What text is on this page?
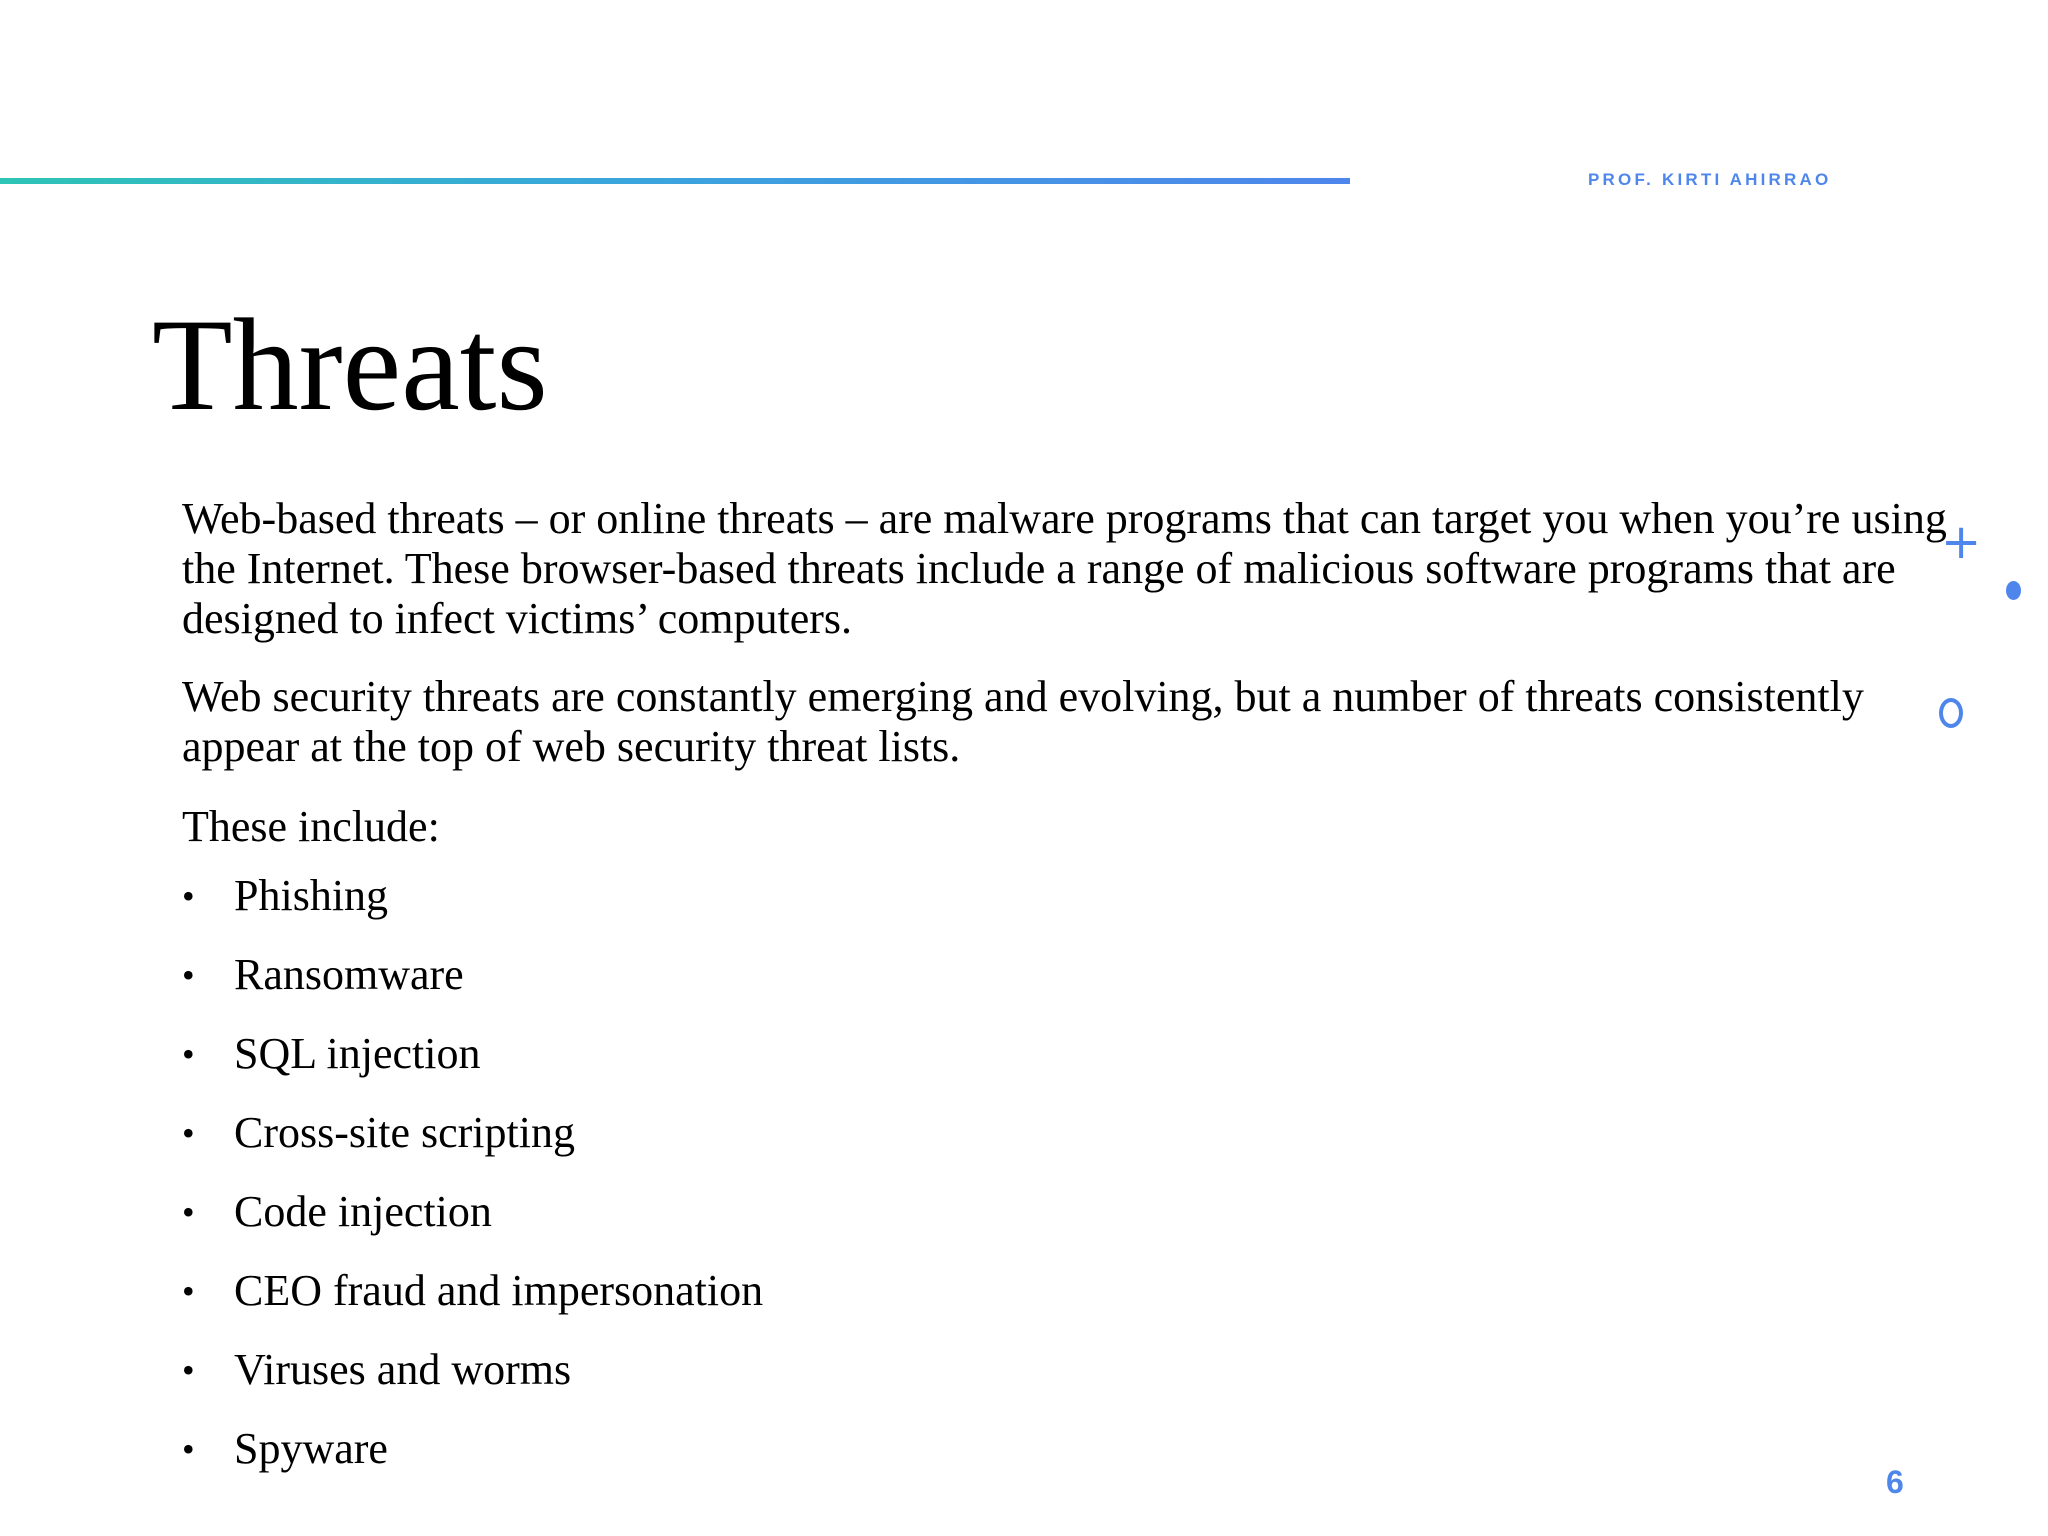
PROF. KIRTI AHIRRAO
Threats

Web-based threats – or online threats – are malware programs that can target you when you’re using the Internet. These browser-based threats include a range of malicious software programs that are designed to infect victims’ computers.

Web security threats are constantly emerging and evolving, but a number of threats consistently appear at the top of web security threat lists.

These include:

• Phishing
• Ransomware
• SQL injection
• Cross-site scripting
• Code injection
• CEO fraud and impersonation
• Viruses and worms
• Spyware
+
6
